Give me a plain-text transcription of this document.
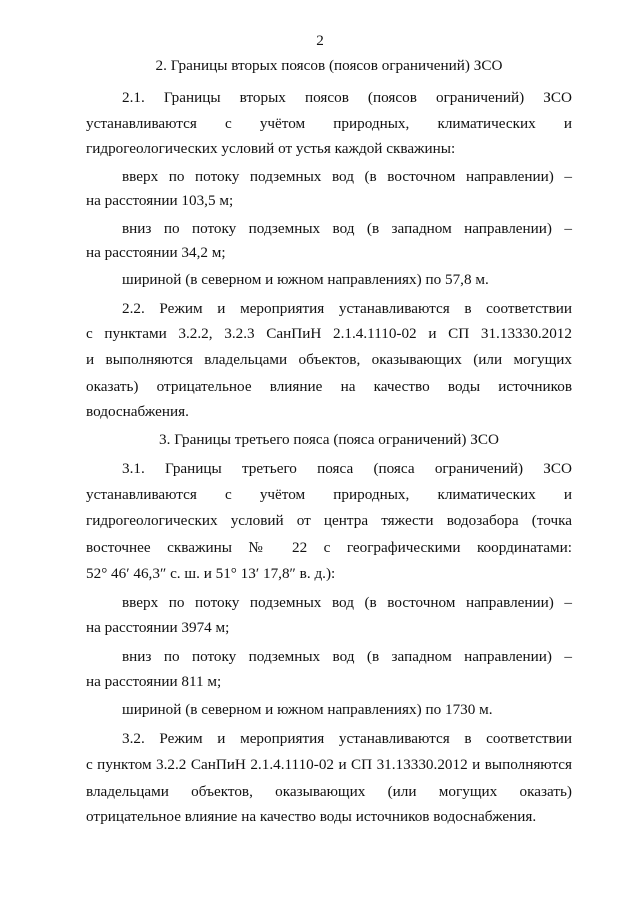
2
2. Границы вторых поясов (поясов ограничений) ЗСО
2.1. Границы вторых поясов (поясов ограничений) ЗСО
устанавливаются с учётом природных, климатических и
гидрогеологических условий от устья каждой скважины:
вверх по потоку подземных вод (в восточном направлении) –
на расстоянии 103,5 м;
вниз по потоку подземных вод (в западном направлении) –
на расстоянии 34,2 м;
шириной (в северном и южном направлениях) по 57,8 м.
2.2. Режим и мероприятия устанавливаются в соответствии
с пунктами 3.2.2, 3.2.3 СанПиН 2.1.4.1110-02 и СП 31.13330.2012
и выполняются владельцами объектов, оказывающих (или могущих
оказать) отрицательное влияние на качество воды источников
водоснабжения.
3. Границы третьего пояса (пояса ограничений) ЗСО
3.1. Границы третьего пояса (пояса ограничений) ЗСО
устанавливаются с учётом природных, климатических и
гидрогеологических условий от центра тяжести водозабора (точка
восточнее скважины № 22 с географическими координатами:
52° 46′ 46,3″ с. ш. и 51° 13′ 17,8″ в. д.):
вверх по потоку подземных вод (в восточном направлении) –
на расстоянии 3974 м;
вниз по потоку подземных вод (в западном направлении) –
на расстоянии 811 м;
шириной (в северном и южном направлениях) по 1730 м.
3.2. Режим и мероприятия устанавливаются в соответствии
с пунктом 3.2.2 СанПиН 2.1.4.1110-02 и СП 31.13330.2012 и выполняются
владельцами объектов, оказывающих (или могущих оказать)
отрицательное влияние на качество воды источников водоснабжения.
